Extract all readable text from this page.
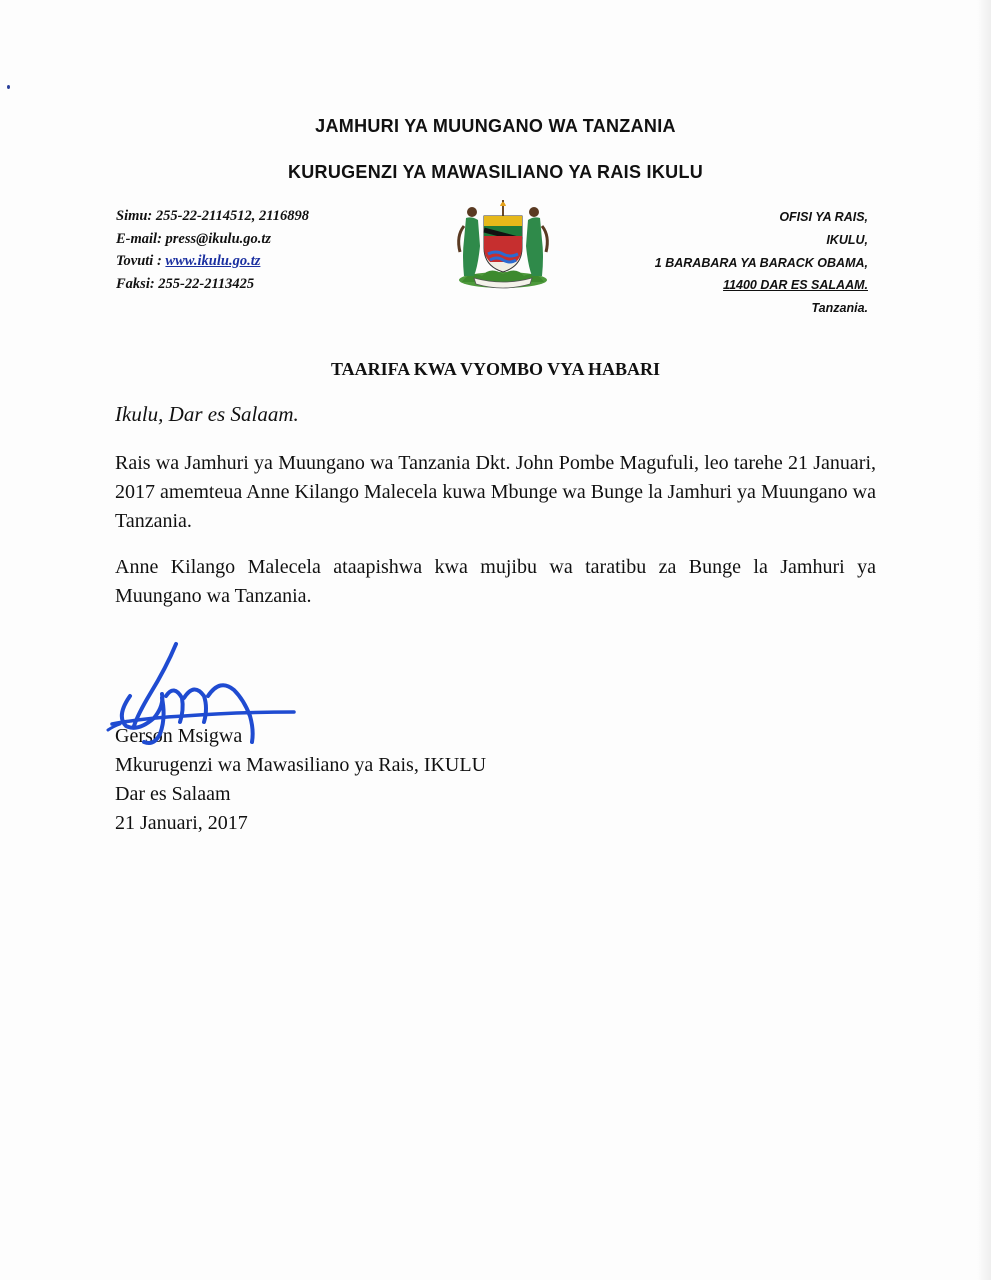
JAMHURI YA MUUNGANO WA TANZANIA
KURUGENZI YA MAWASILIANO YA RAIS IKULU
Simu: 255-22-2114512, 2116898
E-mail: press@ikulu.go.tz
Tovuti : www.ikulu.go.tz
Faksi: 255-22-2113425
OFISI YA RAIS,
IKULU,
1 BARABARA YA BARACK OBAMA,
11400 DAR ES SALAAM.
Tanzania.
TAARIFA KWA VYOMBO VYA HABARI
Ikulu, Dar es Salaam.
Rais wa Jamhuri ya Muungano wa Tanzania Dkt. John Pombe Magufuli, leo tarehe 21 Januari, 2017 amemteua Anne Kilango Malecela kuwa Mbunge wa Bunge la Jamhuri ya Muungano wa Tanzania.
Anne Kilango Malecela ataapishwa kwa mujibu wa taratibu za Bunge la Jamhuri ya Muungano wa Tanzania.
Gerson Msigwa
Mkurugenzi wa Mawasiliano ya Rais, IKULU
Dar es Salaam
21 Januari, 2017
